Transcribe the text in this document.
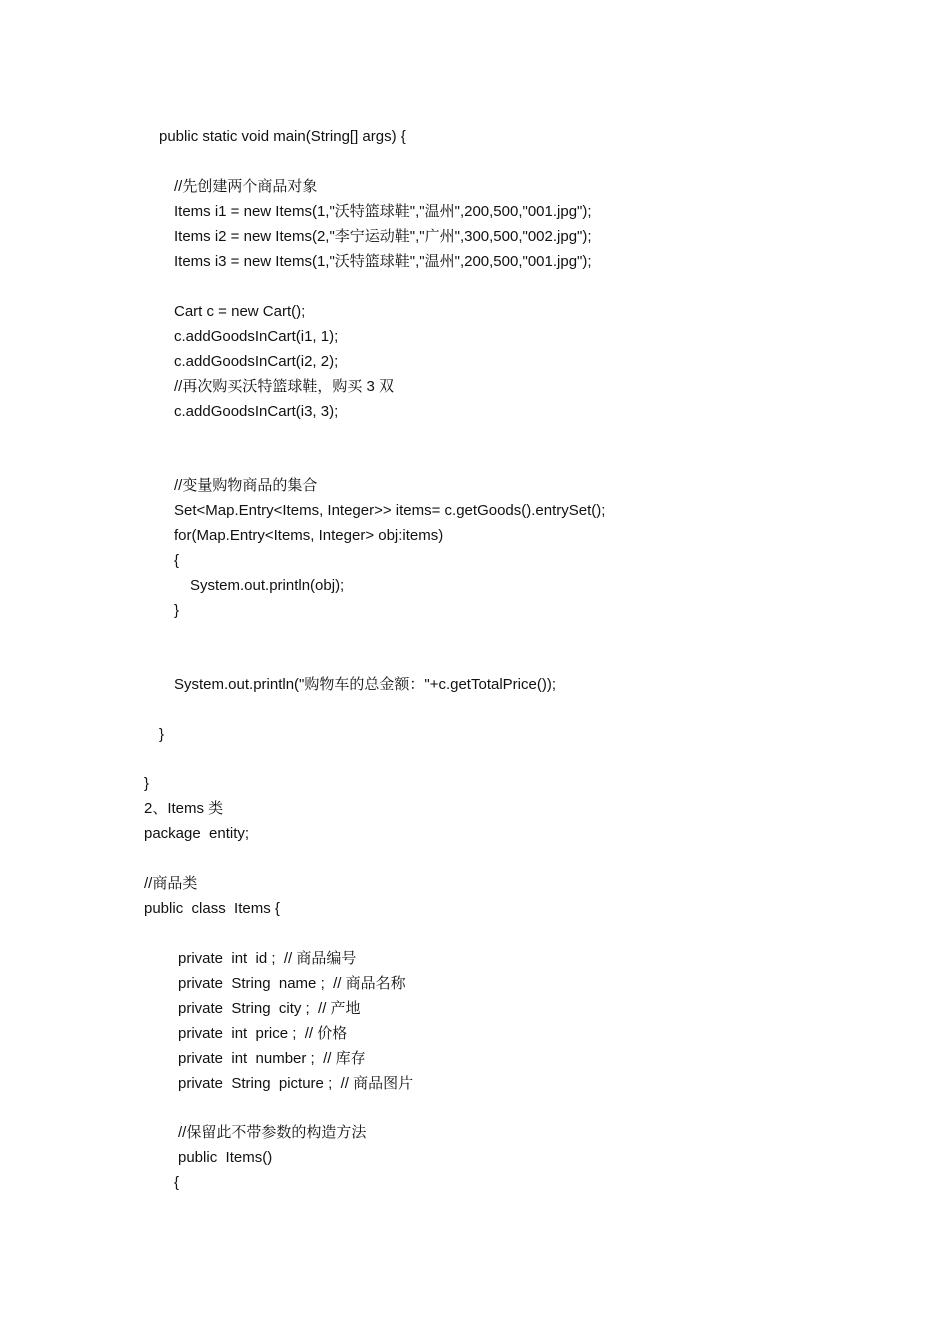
public static void main(String[] args) {
//先创建两个商品对象
Items i1 = new Items(1,"沃特篮球鞋","温州",200,500,"001.jpg");
Items i2 = new Items(2,"李宁运动鞋","广州",300,500,"002.jpg");
Items i3 = new Items(1,"沃特篮球鞋","温州",200,500,"001.jpg");
Cart c = new Cart();
c.addGoodsInCart(i1, 1);
c.addGoodsInCart(i2, 2);
//再次购买沃特篮球鞋，购买 3 双
c.addGoodsInCart(i3, 3);
//变量购物商品的集合
Set<Map.Entry<Items, Integer>> items= c.getGoods().entrySet();
for(Map.Entry<Items, Integer> obj:items)
{
System.out.println(obj);
}
System.out.println("购物车的总金额："+c.getTotalPrice());
}
}
2、Items 类
package  entity;
//商品类
public  class  Items {
private  int  id ;  // 商品编号
private  String  name ;  // 商品名称
private  String  city ;  // 产地
private  int  price ;  // 价格
private  int  number ;  // 库存
private  String  picture ;  // 商品图片
//保留此不带参数的构造方法
public  Items()
{
